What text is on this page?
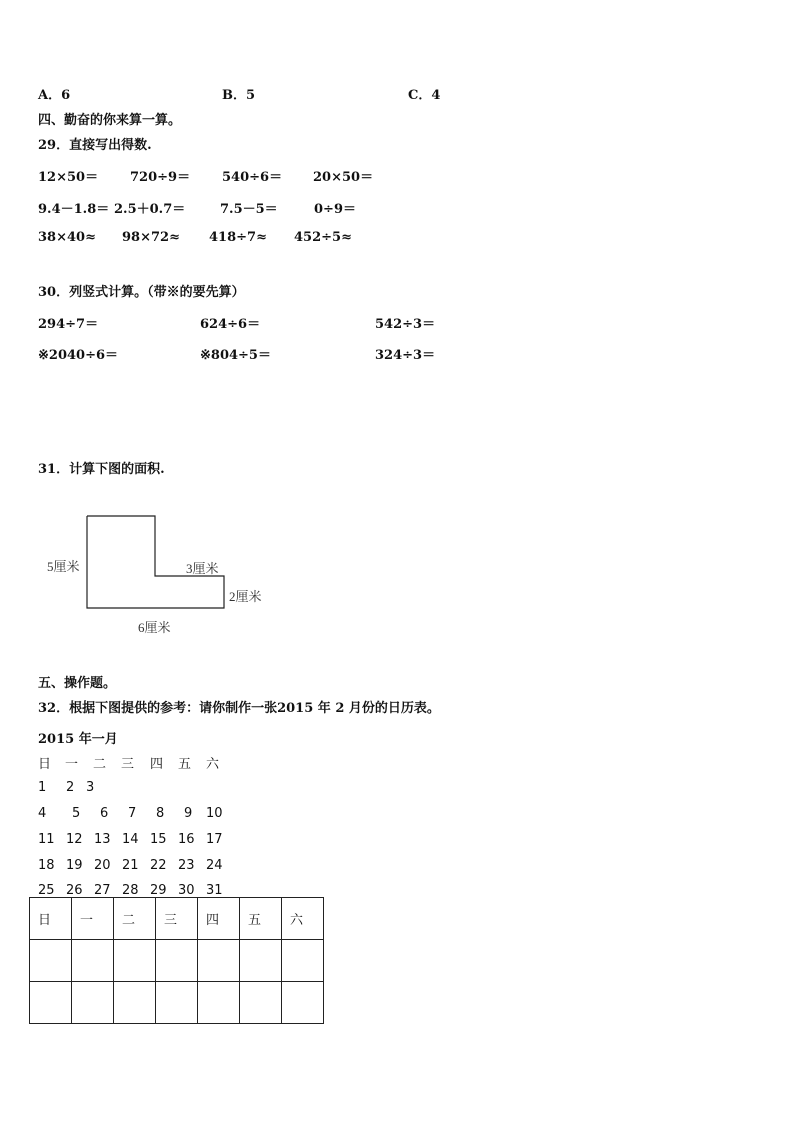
A．6	B．5	C．4
四、勤奋的你来算一算。
29．直接写出得数.
12×50＝ 720÷9＝ 540÷6＝ 20×50＝
9.4－1.8＝ 2.5＋0.7＝	7.5－5＝	0÷9＝
38×40≈ 98×72≈ 418÷7≈ 452÷5≈
30．列竖式计算。（带※的要先算）
294÷7＝	624÷6＝	542÷3＝
※2040÷6＝	※804÷5＝	324÷3＝
31．计算下图的面积.
5厘米	3厘米
2厘米
6厘米
五、操作题。
32．根据下图提供的参考：请你制作一张2015 年 2 月份的日历表。
2015 年一月
日 一 二 三 四 五 六
1 2 3
4 5 6 7 8 9 10
11 12 13 14 15 16 17
18 19 20 21 22 23 24
25 26 27 28 29 30 31
日	一	二	三	四	五	六
